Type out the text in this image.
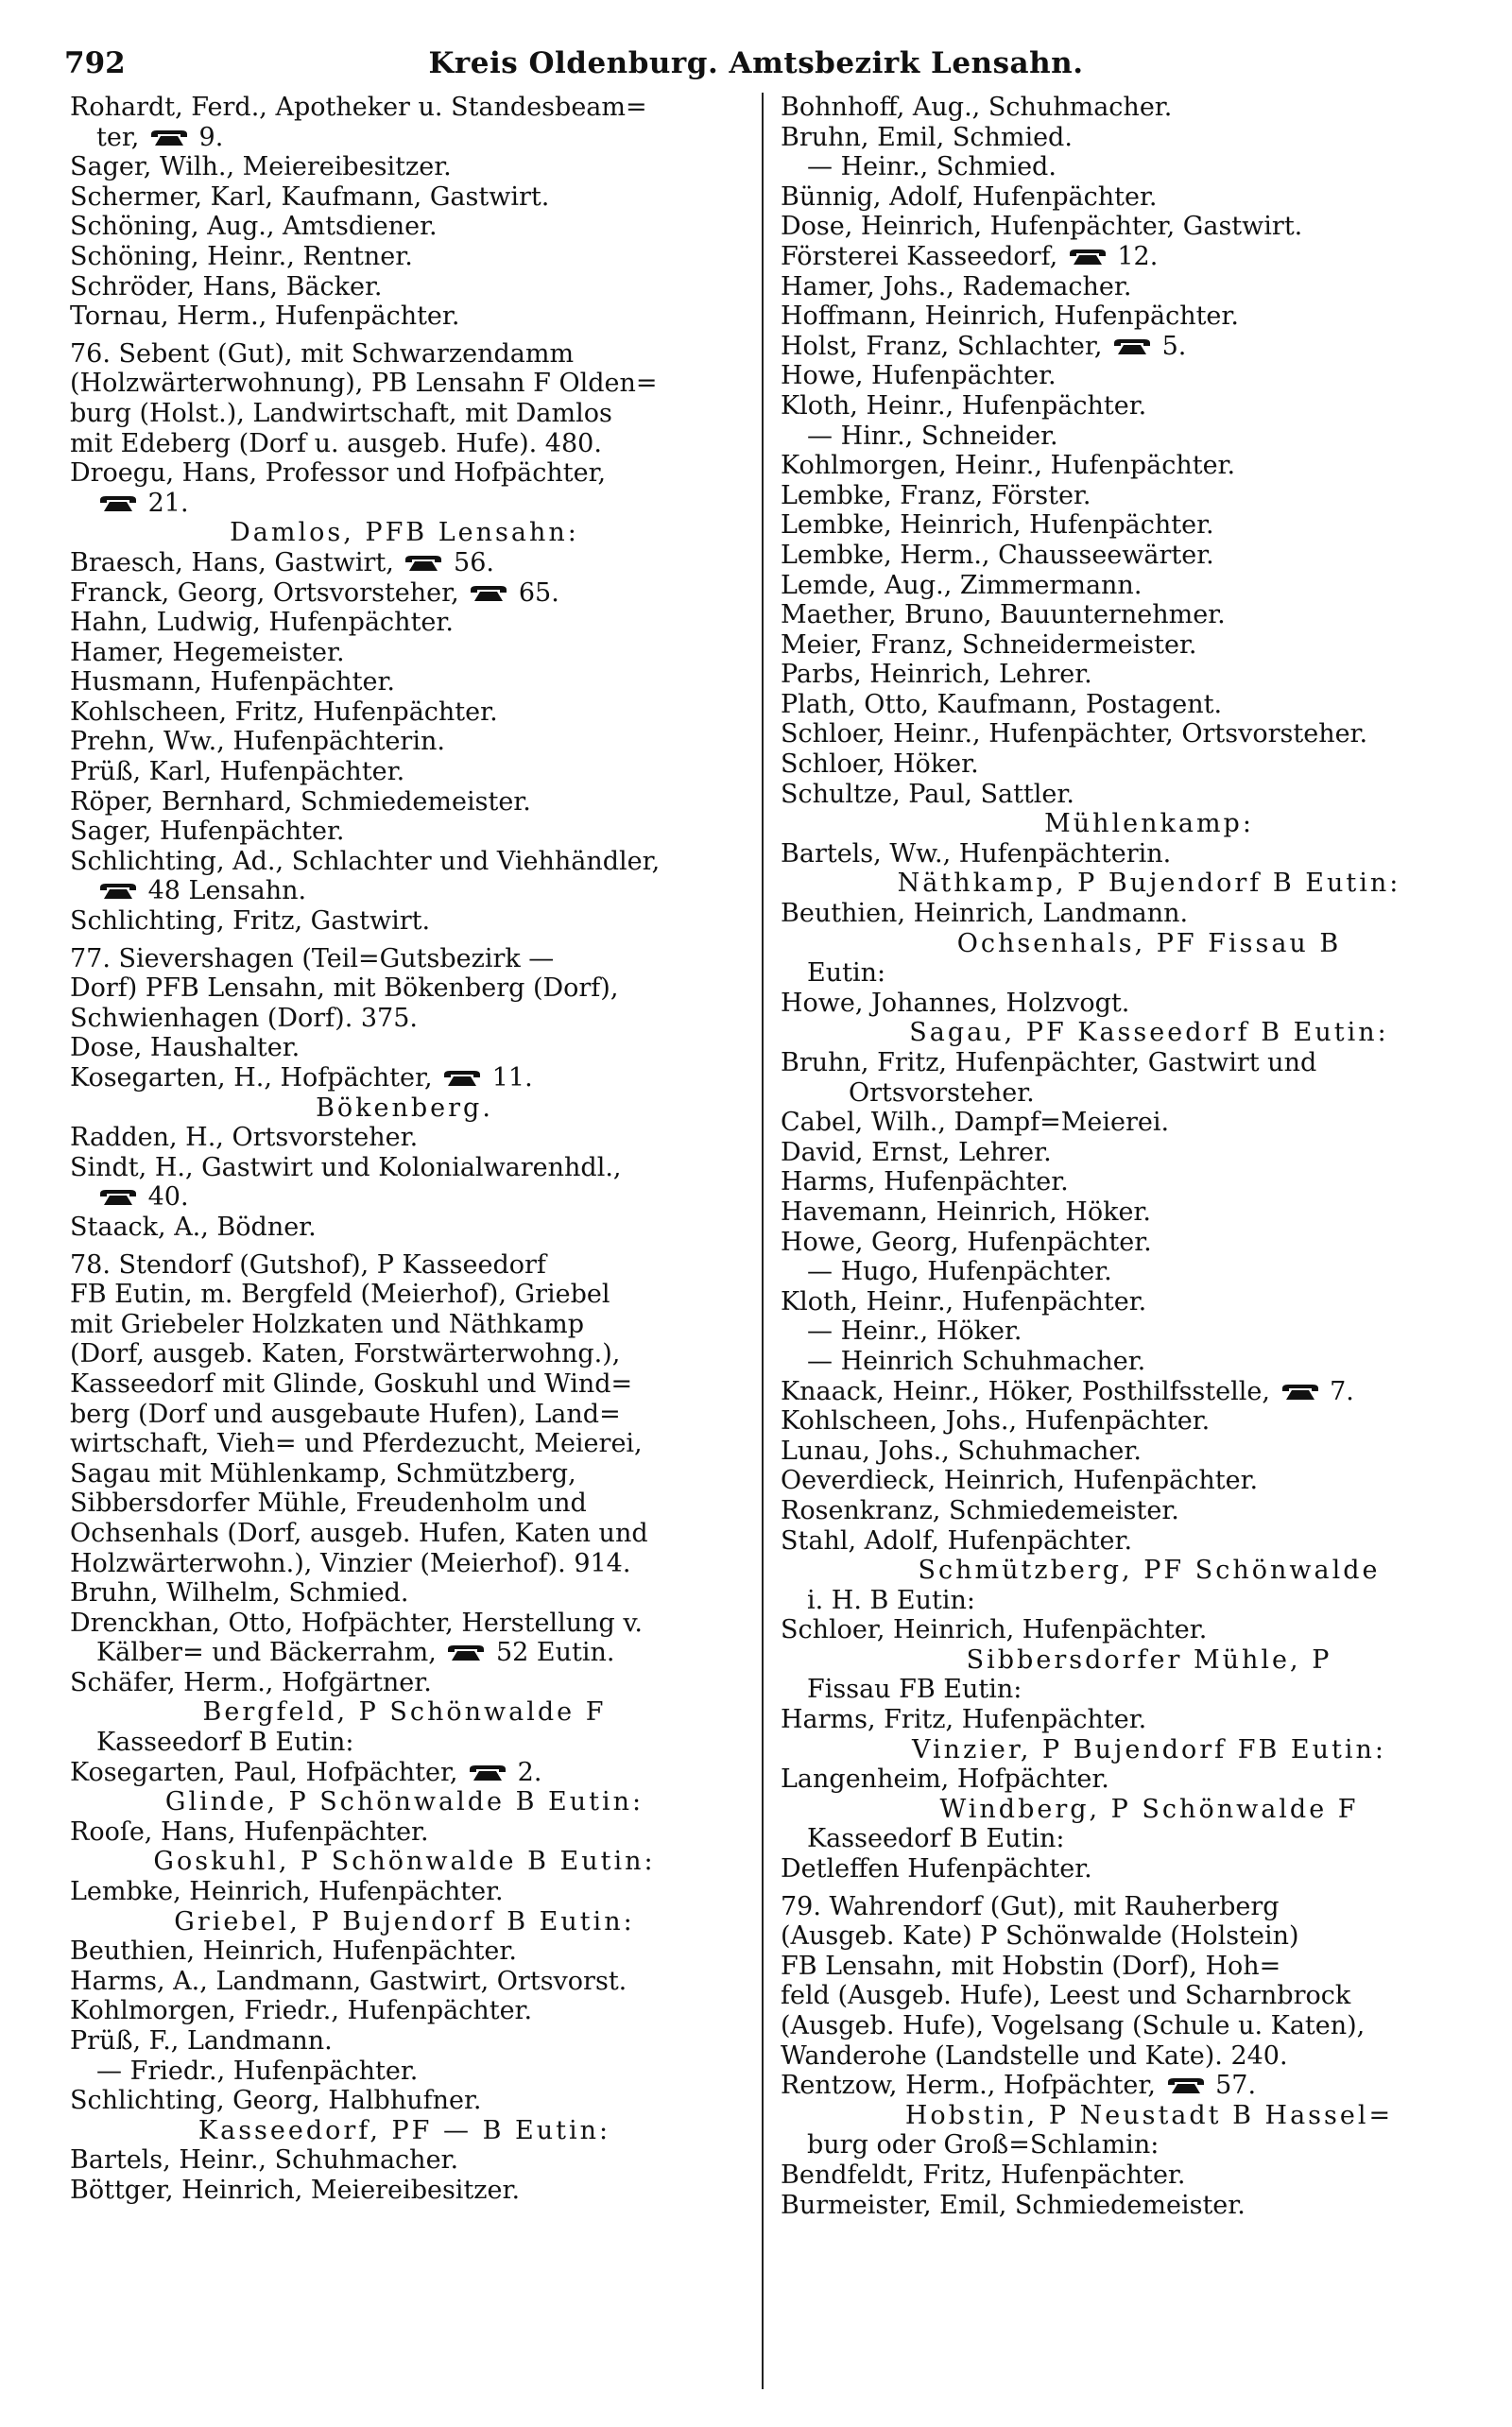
792	Kreis Oldenburg. Amtsbezirk Lensahn.
Rohardt, Ferd., Apotheker u. Standesbeam=
ter,  9.
Sager, Wilh., Meiereibesitzer.
Schermer, Karl, Kaufmann, Gastwirt.
Schöning, Aug., Amtsdiener.
Schöning, Heinr., Rentner.
Schröder, Hans, Bäcker.
Tornau, Herm., Hufenpächter.
76. Sebent (Gut), mit Schwarzendamm
(Holzwärterwohnung), PB Lensahn F Olden=
burg (Holst.), Landwirtschaft, mit Damlos
mit Edeberg (Dorf u. ausgeb. Hufe). 480.
Droegu, Hans, Professor und Hofpächter,
21.
Damlos, PFB Lensahn:
Braesch, Hans, Gastwirt,  56.
Franck, Georg, Ortsvorsteher,  65.
Hahn, Ludwig, Hufenpächter.
Hamer, Hegemeister.
Husmann, Hufenpächter.
Kohlscheen, Fritz, Hufenpächter.
Prehn, Ww., Hufenpächterin.
Prüß, Karl, Hufenpächter.
Röper, Bernhard, Schmiedemeister.
Sager, Hufenpächter.
Schlichting, Ad., Schlachter und Viehhändler,
48 Lensahn.
Schlichting, Fritz, Gastwirt.
77. Sievershagen (Teil=Gutsbezirk —
Dorf) PFB Lensahn, mit Bökenberg (Dorf),
Schwienhagen (Dorf). 375.
Dose, Haushalter.
Kosegarten, H., Hofpächter,  11.
Bökenberg.
Radden, H., Ortsvorsteher.
Sindt, H., Gastwirt und Kolonialwarenhdl.,
40.
Staack, A., Bödner.
78. Stendorf (Gutshof), P Kasseedorf
FB Eutin, m. Bergfeld (Meierhof), Griebel
mit Griebeler Holzkaten und Näthkamp
(Dorf, ausgeb. Katen, Forstwärterwohng.),
Kasseedorf mit Glinde, Goskuhl und Wind=
berg (Dorf und ausgebaute Hufen), Land=
wirtschaft, Vieh= und Pferdezucht, Meierei,
Sagau mit Mühlenkamp, Schmützberg,
Sibbersdorfer Mühle, Freudenholm und
Ochsenhals (Dorf, ausgeb. Hufen, Katen und
Holzwärterwohn.), Vinzier (Meierhof). 914.
Bruhn, Wilhelm, Schmied.
Drenckhan, Otto, Hofpächter, Herstellung v.
Kälber= und Bäckerrahm,  52 Eutin.
Schäfer, Herm., Hofgärtner.
Bergfeld, P Schönwalde F
Kasseedorf B Eutin:
Kosegarten, Paul, Hofpächter,  2.
Glinde, P Schönwalde B Eutin:
Rooſe, Hans, Hufenpächter.
Goskuhl, P Schönwalde B Eutin:
Lembke, Heinrich, Hufenpächter.
Griebel, P Bujendorf B Eutin:
Beuthien, Heinrich, Hufenpächter.
Harms, A., Landmann, Gastwirt, Ortsvorst.
Kohlmorgen, Friedr., Hufenpächter.
Prüß, F., Landmann.
— Friedr., Hufenpächter.
Schlichting, Georg, Halbhufner.
Kasseedorf, PF — B Eutin:
Bartels, Heinr., Schuhmacher.
Böttger, Heinrich, Meiereibesitzer.
Bohnhoff, Aug., Schuhmacher.
Bruhn, Emil, Schmied.
— Heinr., Schmied.
Bünnig, Adolf, Hufenpächter.
Dose, Heinrich, Hufenpächter, Gastwirt.
Försterei Kasseedorf,  12.
Hamer, Johs., Rademacher.
Hoffmann, Heinrich, Hufenpächter.
Holst, Franz, Schlachter,  5.
Howe, Hufenpächter.
Kloth, Heinr., Hufenpächter.
— Hinr., Schneider.
Kohlmorgen, Heinr., Hufenpächter.
Lembke, Franz, Förster.
Lembke, Heinrich, Hufenpächter.
Lembke, Herm., Chausseewärter.
Lemde, Aug., Zimmermann.
Maether, Bruno, Bauunternehmer.
Meier, Franz, Schneidermeister.
Parbs, Heinrich, Lehrer.
Plath, Otto, Kaufmann, Postagent.
Schloer, Heinr., Hufenpächter, Ortsvorsteher.
Schloer, Höker.
Schultze, Paul, Sattler.
Mühlenkamp:
Bartels, Ww., Hufenpächterin.
Näthkamp, P Bujendorf B Eutin:
Beuthien, Heinrich, Landmann.
Ochsenhals, PF Fissau B
Eutin:
Howe, Johannes, Holzvogt.
Sagau, PF Kasseedorf B Eutin:
Bruhn, Fritz, Hufenpächter, Gastwirt und
Ortsvorsteher.
Cabel, Wilh., Dampf=Meierei.
David, Ernst, Lehrer.
Harms, Hufenpächter.
Havemann, Heinrich, Höker.
Howe, Georg, Hufenpächter.
— Hugo, Hufenpächter.
Kloth, Heinr., Hufenpächter.
— Heinr., Höker.
— Heinrich Schuhmacher.
Knaack, Heinr., Höker, Posthilfsstelle,  7.
Kohlscheen, Johs., Hufenpächter.
Lunau, Johs., Schuhmacher.
Oeverdieck, Heinrich, Hufenpächter.
Rosenkranz, Schmiedemeister.
Stahl, Adolf, Hufenpächter.
Schmützberg, PF Schönwalde
i. H. B Eutin:
Schloer, Heinrich, Hufenpächter.
Sibbersdorfer Mühle, P
Fissau FB Eutin:
Harms, Fritz, Hufenpächter.
Vinzier, P Bujendorf FB Eutin:
Langenheim, Hofpächter.
Windberg, P Schönwalde F
Kasseedorf B Eutin:
Detleffen Hufenpächter.
79. Wahrendorf (Gut), mit Rauherberg
(Ausgeb. Kate) P Schönwalde (Holstein)
FB Lensahn, mit Hobstin (Dorf), Hoh=
feld (Ausgeb. Hufe), Leest und Scharnbrock
(Ausgeb. Hufe), Vogelsang (Schule u. Katen),
Wanderohe (Landstelle und Kate). 240.
Rentzow, Herm., Hofpächter,  57.
Hobstin, P Neustadt B Hassel=
burg oder Groß=Schlamin:
Bendfeldt, Fritz, Hufenpächter.
Burmeister, Emil, Schmiedemeister.
